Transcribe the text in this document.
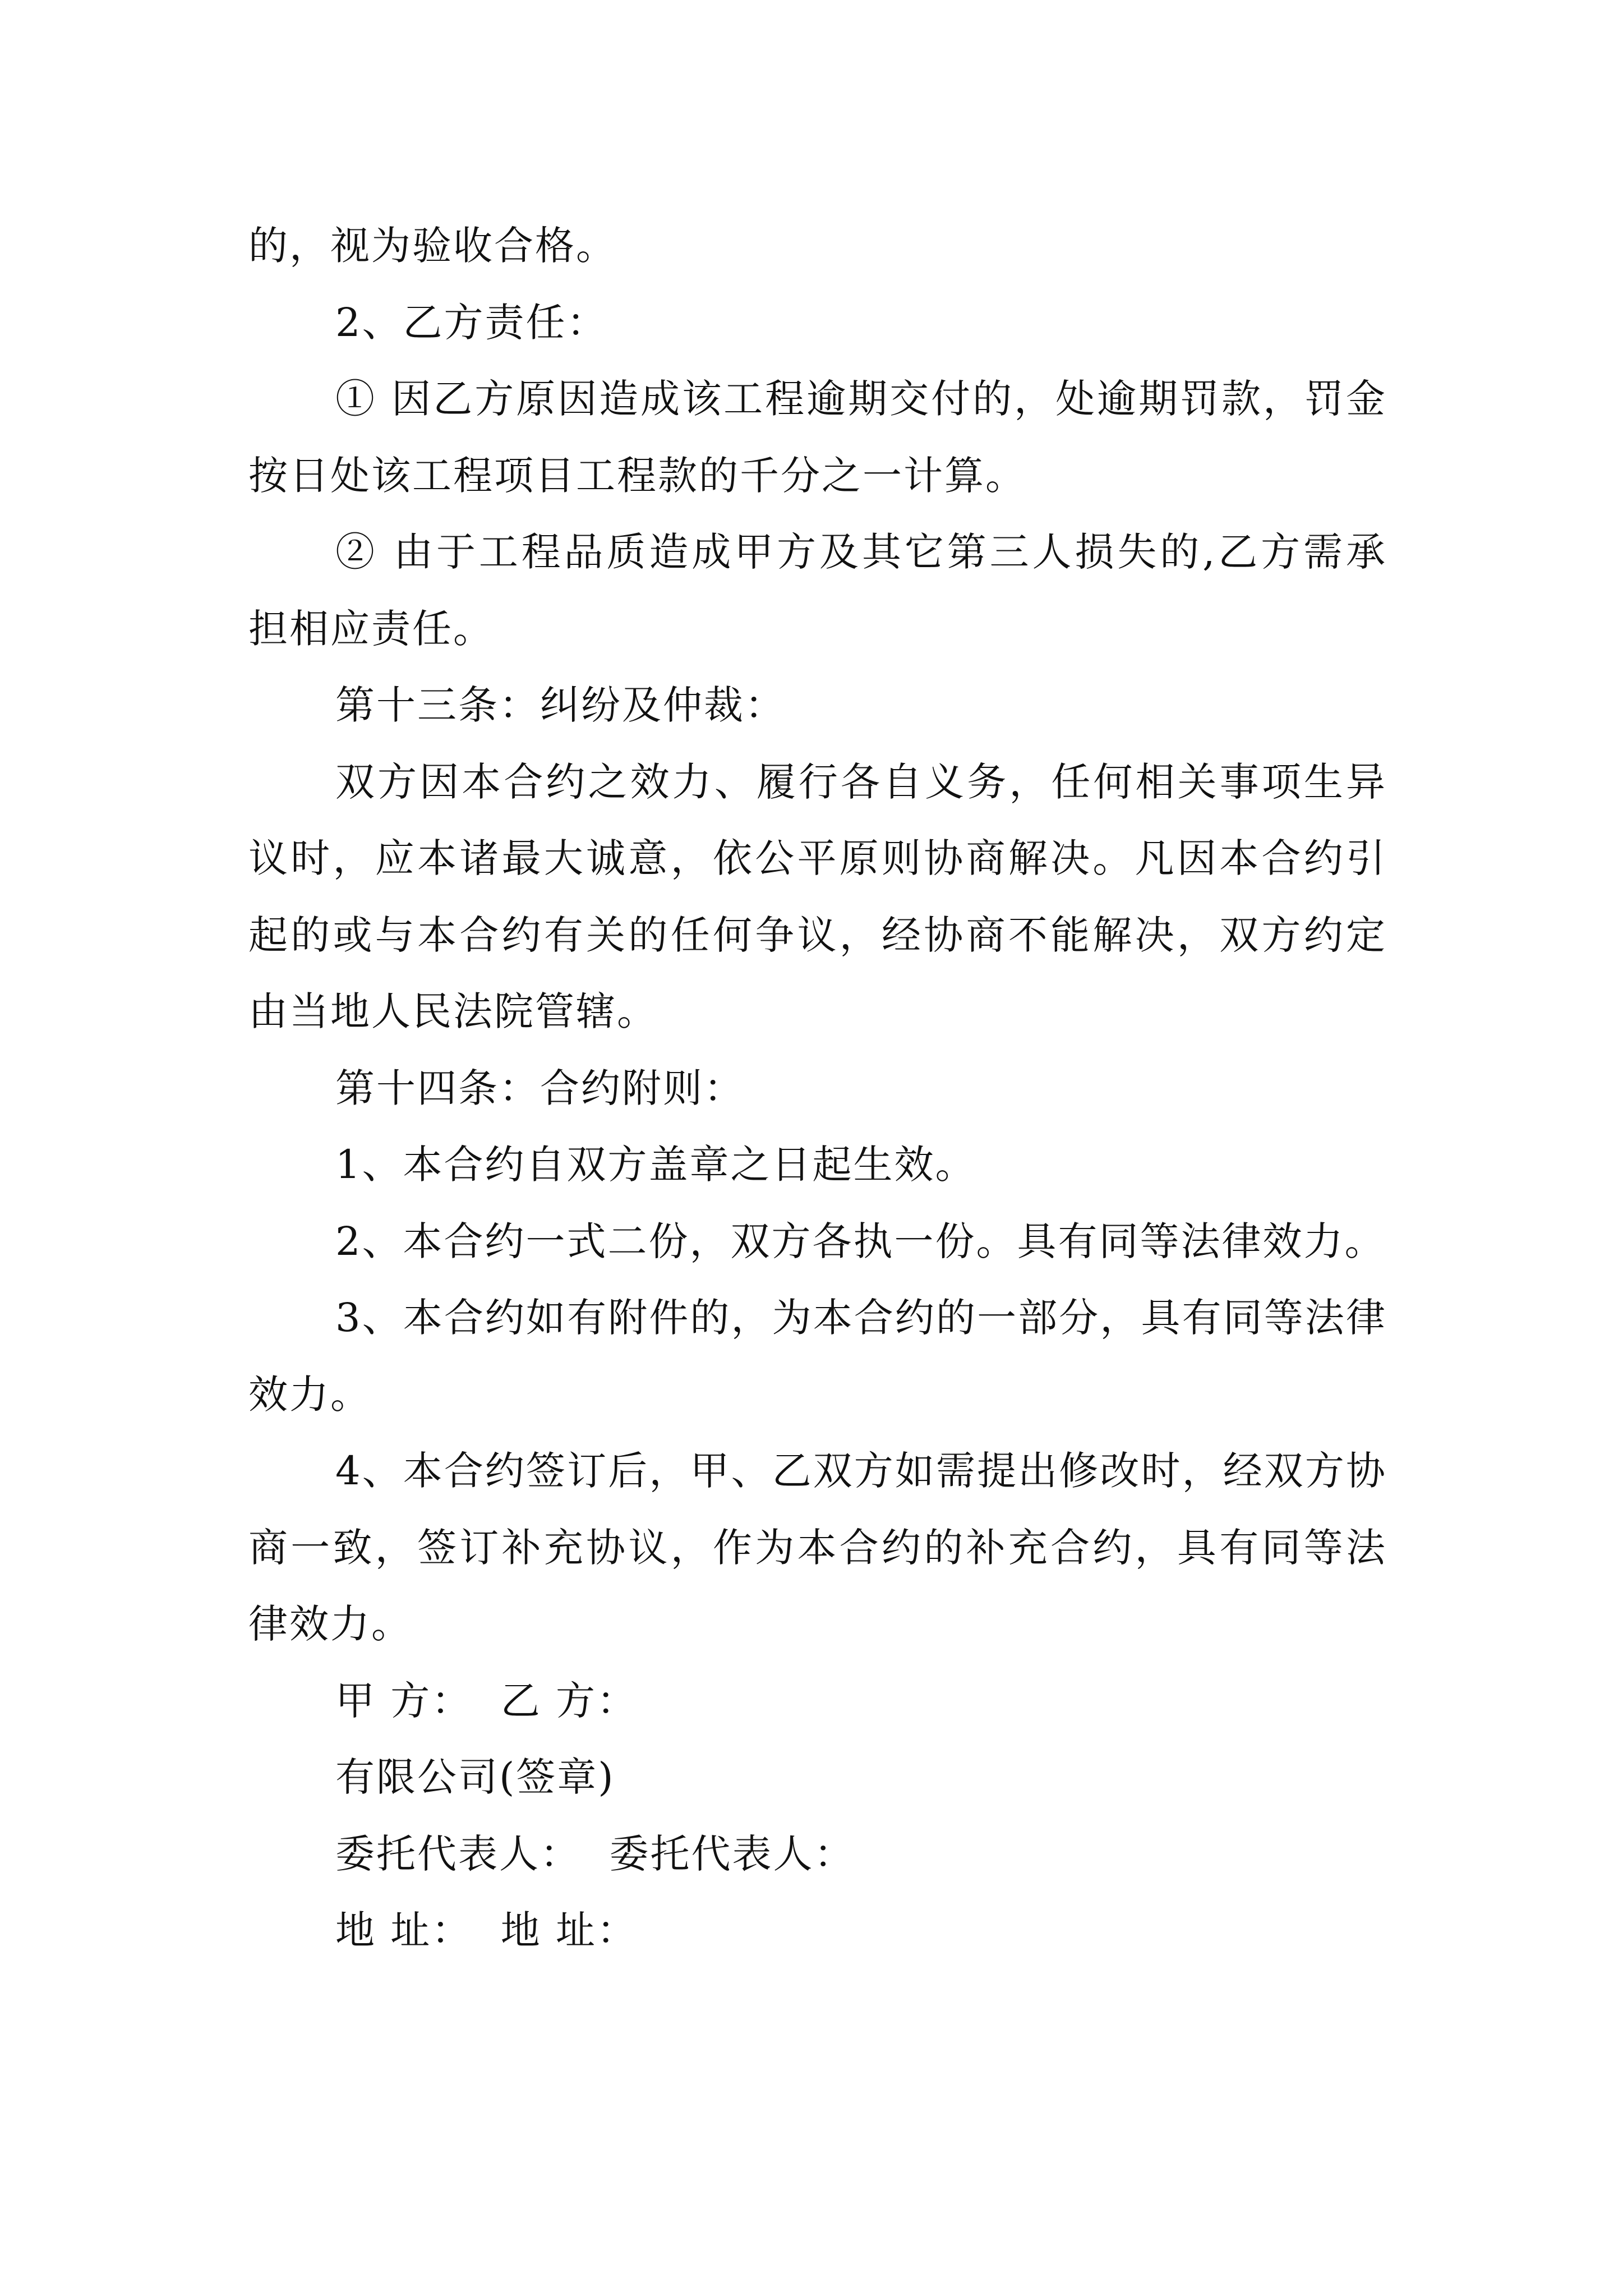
的，视为验收合格。

2、乙方责任：

① 因乙方原因造成该工程逾期交付的，处逾期罚款，罚金按日处该工程项目工程款的千分之一计算。

② 由于工程品质造成甲方及其它第三人损失的,乙方需承担相应责任。

第十三条：纠纷及仲裁：

双方因本合约之效力、履行各自义务，任何相关事项生异议时，应本诸最大诚意，依公平原则协商解决。凡因本合约引起的或与本合约有关的任何争议，经协商不能解决，双方约定由当地人民法院管辖。

第十四条：合约附则：

1、本合约自双方盖章之日起生效。

2、本合约一式二份，双方各执一份。具有同等法律效力。

3、本合约如有附件的，为本合约的一部分，具有同等法律效力。

4、本合约签订后，甲、乙双方如需提出修改时，经双方协商一致，签订补充协议，作为本合约的补充合约，具有同等法律效力。

甲 方：  乙 方：
有限公司(签章)
委托代表人：  委托代表人：
地 址：  地 址：
